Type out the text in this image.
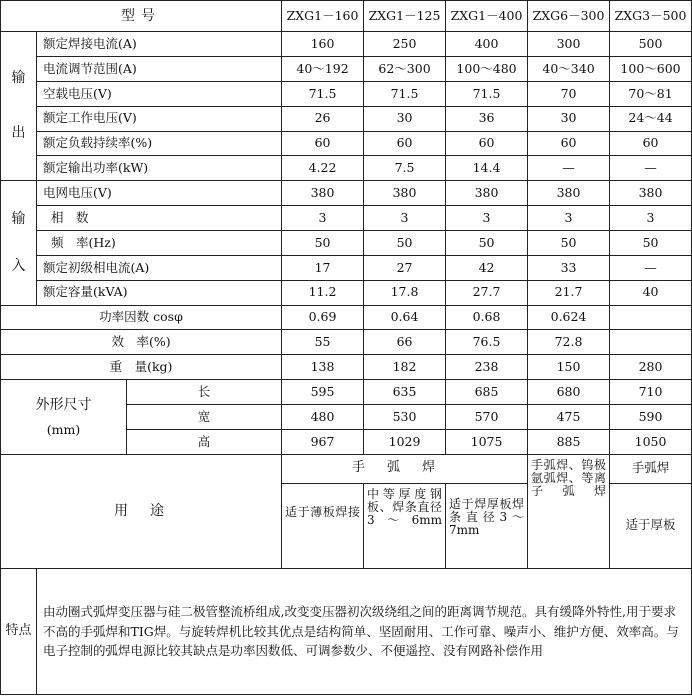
型号			ZXG1－160	ZXG1－125	ZXG1－400	ZXG6－300	ZXG3－500

输
出	额定焊接电流(A)		160	250	400	300	500
	电流调节范围(A)		40～192	62～300	100～480	40～340	100～600
	空载电压(V)		71.5	71.5	71.5	70	70～81
	额定工作电压(V)		26	30	36	30	24～44
	额定负载持续率(%)		60	60	60	60	60
	额定输出功率(kW)		4.22	7.5	14.4	—	—

输
入	电网电压(V)		380	380	380	380	380
	相　数		3	3	3	3	3
	频　率(Hz)		50	50	50	50	50
	额定初级相电流(A)		17	27	42	33	—
	额定容量(kVA)		11.2	17.8	27.7	21.7	40
功率因数 cosφ			0.69	0.64	0.68	0.624	
效　率(%)			55	66	76.5	72.8	
重　量(kg)			138	182	238	150	280

外形尺寸
(mm)		长	595	635	685	680	710
		宽	480	530	570	475	590
		高	967	1029	1075	885	1050
用　途			手弧焊			手弧焊、钨极氩弧焊、等离子弧焊	手弧焊
			适于薄板焊接	中等厚度钢板、焊条直径3～6mm	适于焊厚板焊条直径3～7mm		适于厚板
特点	由动圈式弧焊变压器与硅二极管整流桥组成,改变变压器初次级绕组之间的距离调节规范。具有缓降外特性,用于要求不高的手弧焊和TIG焊。与旋转焊机比较其优点是结构简单、坚固耐用、工作可靠、噪声小、维护方便、效率高。与电子控制的弧焊电源比较其缺点是功率因数低、可调参数少、不便遥控、没有网路补偿作用						
